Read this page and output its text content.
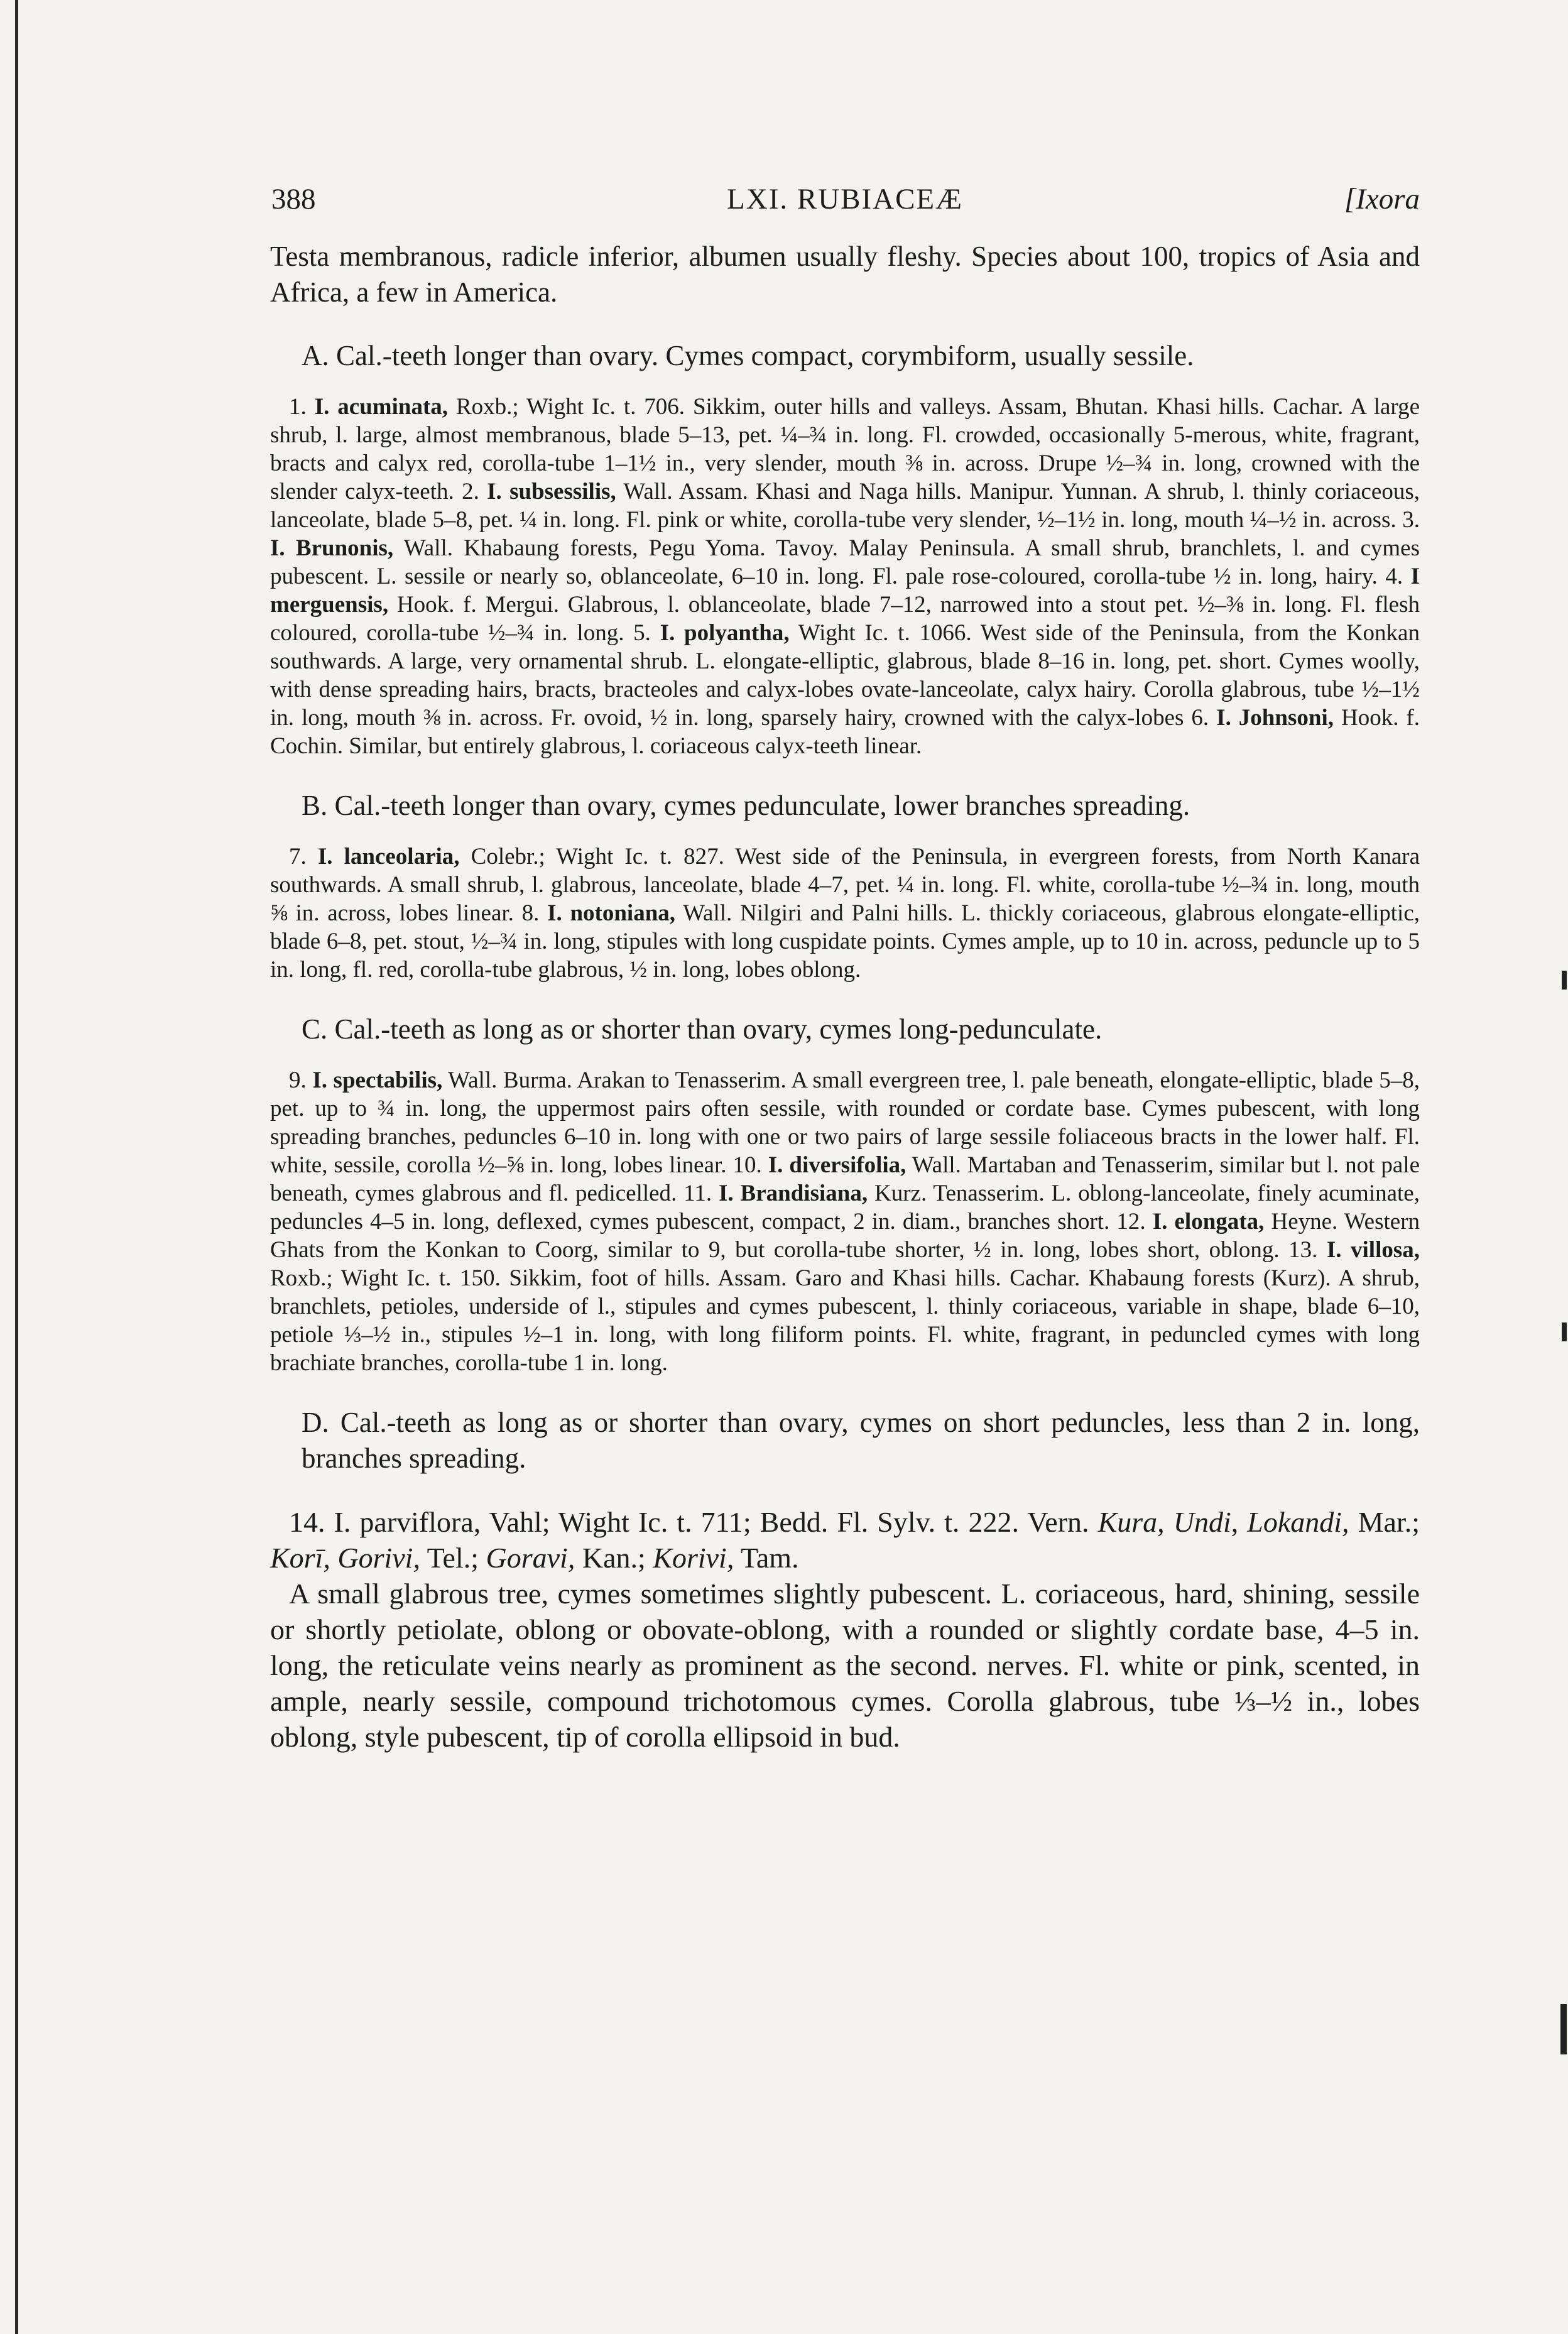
388	LXI. RUBIACEÆ	[Ixora

Testa membranous, radicle inferior, albumen usually fleshy. Species about 100, tropics of Asia and Africa, a few in America.

A. Cal.-teeth longer than ovary. Cymes compact, corymbiform, usually sessile.

1. I. acuminata, Roxb.; Wight Ic. t. 706. Sikkim, outer hills and valleys. Assam, Bhutan. Khasi hills. Cachar. A large shrub, l. large, almost membranous, blade 5–13, pet. ¼–¾ in. long. Fl. crowded, occasionally 5-merous, white, fragrant, bracts and calyx red, corolla-tube 1–1½ in., very slender, mouth ⅜ in. across. Drupe ½–¾ in. long, crowned with the slender calyx-teeth. 2. I. subsessilis, Wall. Assam. Khasi and Naga hills. Manipur. Yunnan. A shrub, l. thinly coriaceous, lanceolate, blade 5–8, pet. ¼ in. long. Fl. pink or white, corolla-tube very slender, ½–1½ in. long, mouth ¼–½ in. across. 3. I. Brunonis, Wall. Khabaung forests, Pegu Yoma. Tavoy. Malay Peninsula. A small shrub, branchlets, l. and cymes pubescent. L. sessile or nearly so, oblanceolate, 6–10 in. long. Fl. pale rose-coloured, corolla-tube ½ in. long, hairy. 4. I merguensis, Hook. f. Mergui. Glabrous, l. oblanceolate, blade 7–12, narrowed into a stout pet. ½–⅜ in. long. Fl. flesh coloured, corolla-tube ½–¾ in. long. 5. I. polyantha, Wight Ic. t. 1066. West side of the Peninsula, from the Konkan southwards. A large, very ornamental shrub. L. elongate-elliptic, glabrous, blade 8–16 in. long, pet. short. Cymes woolly, with dense spreading hairs, bracts, bracteoles and calyx-lobes ovate-lanceolate, calyx hairy. Corolla glabrous, tube ½–1½ in. long, mouth ⅜ in. across. Fr. ovoid, ½ in. long, sparsely hairy, crowned with the calyx-lobes 6. I. Johnsoni, Hook. f. Cochin. Similar, but entirely glabrous, l. coriaceous calyx-teeth linear.

B. Cal.-teeth longer than ovary, cymes pedunculate, lower branches spreading.

7. I. lanceolaria, Colebr.; Wight Ic. t. 827. West side of the Peninsula, in evergreen forests, from North Kanara southwards. A small shrub, l. glabrous, lanceolate, blade 4–7, pet. ¼ in. long. Fl. white, corolla-tube ½–¾ in. long, mouth ⅝ in. across, lobes linear. 8. I. notoniana, Wall. Nilgiri and Palni hills. L. thickly coriaceous, glabrous elongate-elliptic, blade 6–8, pet. stout, ½–¾ in. long, stipules with long cuspidate points. Cymes ample, up to 10 in. across, peduncle up to 5 in. long, fl. red, corolla-tube glabrous, ½ in. long, lobes oblong.

C. Cal.-teeth as long as or shorter than ovary, cymes long-pedunculate.

9. I. spectabilis, Wall. Burma. Arakan to Tenasserim. A small evergreen tree, l. pale beneath, elongate-elliptic, blade 5–8, pet. up to ¾ in. long, the uppermost pairs often sessile, with rounded or cordate base. Cymes pubescent, with long spreading branches, peduncles 6–10 in. long with one or two pairs of large sessile foliaceous bracts in the lower half. Fl. white, sessile, corolla ½–⅝ in. long, lobes linear. 10. I. diversifolia, Wall. Martaban and Tenasserim, similar but l. not pale beneath, cymes glabrous and fl. pedicelled. 11. I. Brandisiana, Kurz. Tenasserim. L. oblong-lanceolate, finely acuminate, peduncles 4–5 in. long, deflexed, cymes pubescent, compact, 2 in. diam., branches short. 12. I. elongata, Heyne. Western Ghats from the Konkan to Coorg, similar to 9, but corolla-tube shorter, ½ in. long, lobes short, oblong. 13. I. villosa, Roxb.; Wight Ic. t. 150. Sikkim, foot of hills. Assam. Garo and Khasi hills. Cachar. Khabaung forests (Kurz). A shrub, branchlets, petioles, underside of l., stipules and cymes pubescent, l. thinly coriaceous, variable in shape, blade 6–10, petiole ⅓–½ in., stipules ½–1 in. long, with long filiform points. Fl. white, fragrant, in peduncled cymes with long brachiate branches, corolla-tube 1 in. long.

D. Cal.-teeth as long as or shorter than ovary, cymes on short peduncles, less than 2 in. long, branches spreading.

14. I. parviflora, Vahl; Wight Ic. t. 711; Bedd. Fl. Sylv. t. 222. Vern. Kura, Undi, Lokandi, Mar.; Korī, Gorivi, Tel.; Goravi, Kan.; Korivi, Tam.

A small glabrous tree, cymes sometimes slightly pubescent. L. coriaceous, hard, shining, sessile or shortly petiolate, oblong or obovate-oblong, with a rounded or slightly cordate base, 4–5 in. long, the reticulate veins nearly as prominent as the second. nerves. Fl. white or pink, scented, in ample, nearly sessile, compound trichotomous cymes. Corolla glabrous, tube ⅓–½ in., lobes oblong, style pubescent, tip of corolla ellipsoid in bud.
